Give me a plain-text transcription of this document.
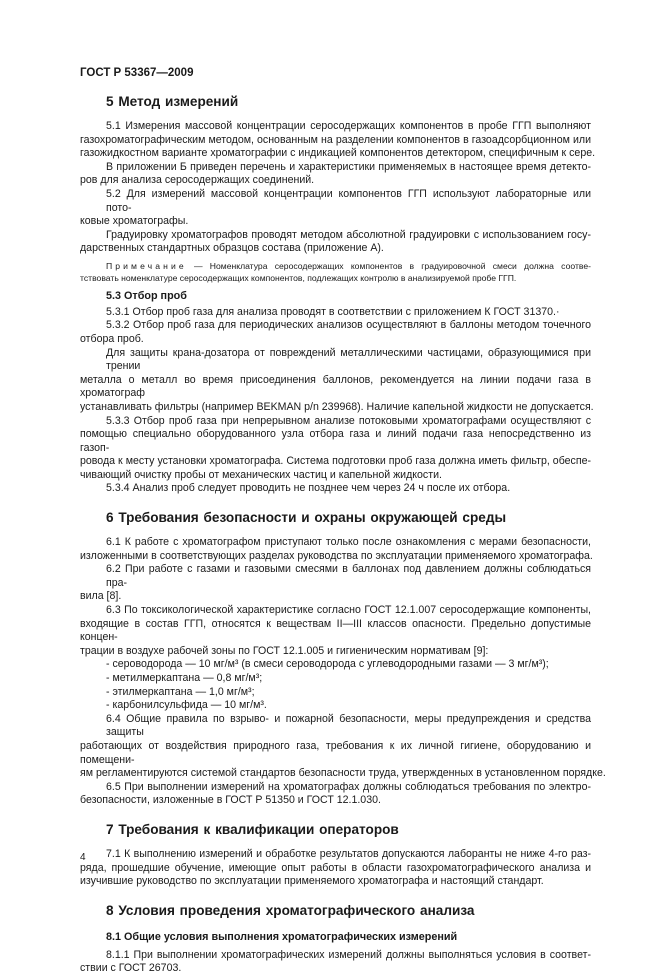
ГОСТ Р 53367—2009
5 Метод измерений
5.1 Измерения массовой концентрации серосодержащих компонентов в пробе ГГП выполняют
газохроматографическим методом, основанным на разделении компонентов в газоадсорбционном или
газожидкостном варианте хроматографии с индикацией компонентов детектором, специфичным к сере.
В приложении Б приведен перечень и характеристики применяемых в настоящее время детекто-
ров для анализа серосодержащих соединений.
5.2 Для измерений массовой концентрации компонентов ГГП используют лабораторные или пото-
ковые хроматографы.
Градуировку хроматографов проводят методом абсолютной градуировки с использованием госу-
дарственных стандартных образцов состава (приложение А).
Примечание — Номенклатура серосодержащих компонентов в градуировочной смеси должна соотве-
тствовать номенклатуре серосодержащих компонентов, подлежащих контролю в анализируемой пробе ГГП.
5.3 Отбор проб
5.3.1 Отбор проб газа для анализа проводят в соответствии с приложением К ГОСТ 31370.·
5.3.2 Отбор проб газа для периодических анализов осуществляют в баллоны методом точечного
отбора проб.
Для защиты крана-дозатора от повреждений металлическими частицами, образующимися при трении
металла о металл во время присоединения баллонов, рекомендуется на линии подачи газа в хроматограф
устанавливать фильтры (например BEKMAN p/n 239968). Наличие капельной жидкости не допускается.
5.3.3 Отбор проб газа при непрерывном анализе потоковыми хроматографами осуществляют с
помощью специально оборудованного узла отбора газа и линий подачи газа непосредственно из газоп-
ровода к месту установки хроматографа. Система подготовки проб газа должна иметь фильтр, обеспе-
чивающий очистку пробы от механических частиц и капельной жидкости.
5.3.4 Анализ проб следует проводить не позднее чем через 24 ч после их отбора.
6 Требования безопасности и охраны окружающей среды
6.1 К работе с хроматографом приступают только после ознакомления с мерами безопасности,
изложенными в соответствующих разделах руководства по эксплуатации применяемого хроматографа.
6.2 При работе с газами и газовыми смесями в баллонах под давлением должны соблюдаться пра-
вила [8].
6.3 По токсикологической характеристике согласно ГОСТ 12.1.007 серосодержащие компоненты,
входящие в состав ГГП, относятся к веществам II—III классов опасности. Предельно допустимые концен-
трации в воздухе рабочей зоны по ГОСТ 12.1.005 и гигиеническим нормативам [9]:
- сероводорода — 10 мг/м³ (в смеси сероводорода с углеводородными газами — 3 мг/м³);
- метилмеркаптана — 0,8 мг/м³;
- этилмеркаптана — 1,0 мг/м³;
- карбонилсульфида — 10 мг/м³.
6.4 Общие правила по взрыво- и пожарной безопасности, меры предупреждения и средства защиты
работающих от воздействия природного газа, требования к их личной гигиене, оборудованию и помещени-
ям регламентируются системой стандартов безопасности труда, утвержденных в установленном порядке.
6.5 При выполнении измерений на хроматографах должны соблюдаться требования по электро-
безопасности, изложенные в ГОСТ Р 51350 и ГОСТ 12.1.030.
7 Требования к квалификации операторов
7.1 К выполнению измерений и обработке результатов допускаются лаборанты не ниже 4-го раз-
ряда, прошедшие обучение, имеющие опыт работы в области газохроматографического анализа и
изучившие руководство по эксплуатации применяемого хроматографа и настоящий стандарт.
8 Условия проведения хроматографического анализа
8.1 Общие условия выполнения хроматографических измерений
8.1.1 При выполнении хроматографических измерений должны выполняться условия в соответ-
ствии с ГОСТ 26703.
4
